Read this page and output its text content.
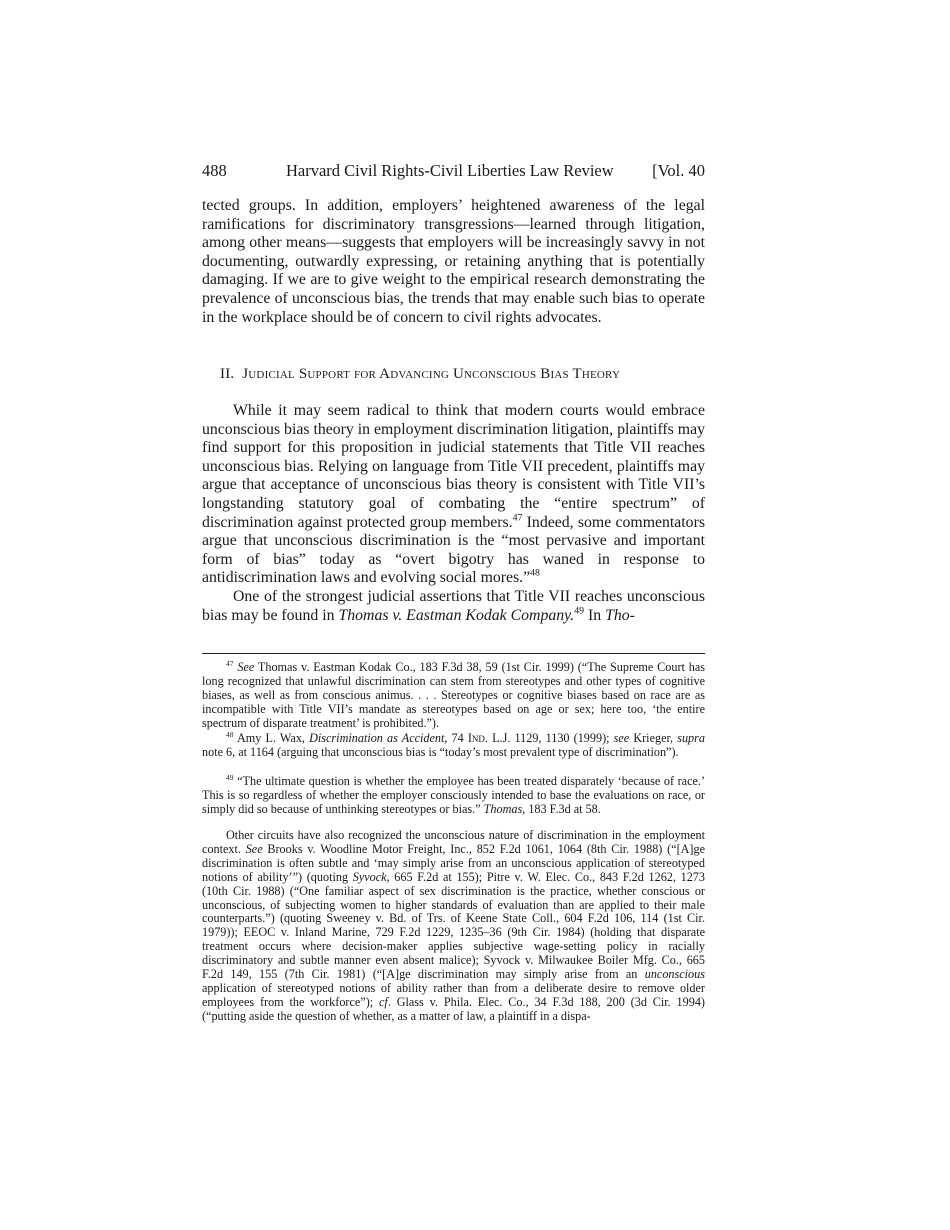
488	Harvard Civil Rights-Civil Liberties Law Review [Vol. 40
tected groups. In addition, employers’ heightened awareness of the legal ramifications for discriminatory transgressions—learned through litigation, among other means—suggests that employers will be increasingly savvy in not documenting, outwardly expressing, or retaining anything that is potentially damaging. If we are to give weight to the empirical research demonstrating the prevalence of unconscious bias, the trends that may enable such bias to operate in the workplace should be of concern to civil rights advocates.
II. Judicial Support for Advancing Unconscious Bias Theory
While it may seem radical to think that modern courts would embrace unconscious bias theory in employment discrimination litigation, plaintiffs may find support for this proposition in judicial statements that Title VII reaches unconscious bias. Relying on language from Title VII precedent, plaintiffs may argue that acceptance of unconscious bias theory is consistent with Title VII’s longstanding statutory goal of combating the “entire spectrum” of discrimination against protected group members.$^{47}$ Indeed, some commentators argue that unconscious discrimination is the “most pervasive and important form of bias” today as “overt bigotry has waned in response to antidiscrimination laws and evolving social mores.”$^{48}$
One of the strongest judicial assertions that Title VII reaches unconscious bias may be found in Thomas v. Eastman Kodak Company.$^{49}$ In Tho-
$^{47}$ See Thomas v. Eastman Kodak Co., 183 F.3d 38, 59 (1st Cir. 1999) (“The Supreme Court has long recognized that unlawful discrimination can stem from stereotypes and other types of cognitive biases, as well as from conscious animus. . . . Stereotypes or cognitive biases based on race are as incompatible with Title VII’s mandate as stereotypes based on age or sex; here too, ‘the entire spectrum of disparate treatment’ is prohibited.”).
$^{48}$ Amy L. Wax, Discrimination as Accident, 74 Ind. L.J. 1129, 1130 (1999); see Krieger, supra note 6, at 1164 (arguing that unconscious bias is “today’s most prevalent type of discrimination”).
$^{49}$ “The ultimate question is whether the employee has been treated disparately ‘because of race.’ This is so regardless of whether the employer consciously intended to base the evaluations on race, or simply did so because of unthinking stereotypes or bias.” Thomas, 183 F.3d at 58.
Other circuits have also recognized the unconscious nature of discrimination in the employment context. See Brooks v. Woodline Motor Freight, Inc., 852 F.2d 1061, 1064 (8th Cir. 1988) (“[A]ge discrimination is often subtle and ‘may simply arise from an unconscious application of stereotyped notions of ability’”) (quoting Syvock, 665 F.2d at 155); Pitre v. W. Elec. Co., 843 F.2d 1262, 1273 (10th Cir. 1988) (“One familiar aspect of sex discrimination is the practice, whether conscious or unconscious, of subjecting women to higher standards of evaluation than are applied to their male counterparts.”) (quoting Sweeney v. Bd. of Trs. of Keene State Coll., 604 F.2d 106, 114 (1st Cir. 1979)); EEOC v. Inland Marine, 729 F.2d 1229, 1235–36 (9th Cir. 1984) (holding that disparate treatment occurs where decision-maker applies subjective wage-setting policy in racially discriminatory and subtle manner even absent malice); Syvock v. Milwaukee Boiler Mfg. Co., 665 F.2d 149, 155 (7th Cir. 1981) (“[A]ge discrimination may simply arise from an unconscious application of stereotyped notions of ability rather than from a deliberate desire to remove older employees from the workforce”); cf. Glass v. Phila. Elec. Co., 34 F.3d 188, 200 (3d Cir. 1994) (“putting aside the question of whether, as a matter of law, a plaintiff in a dispa-
